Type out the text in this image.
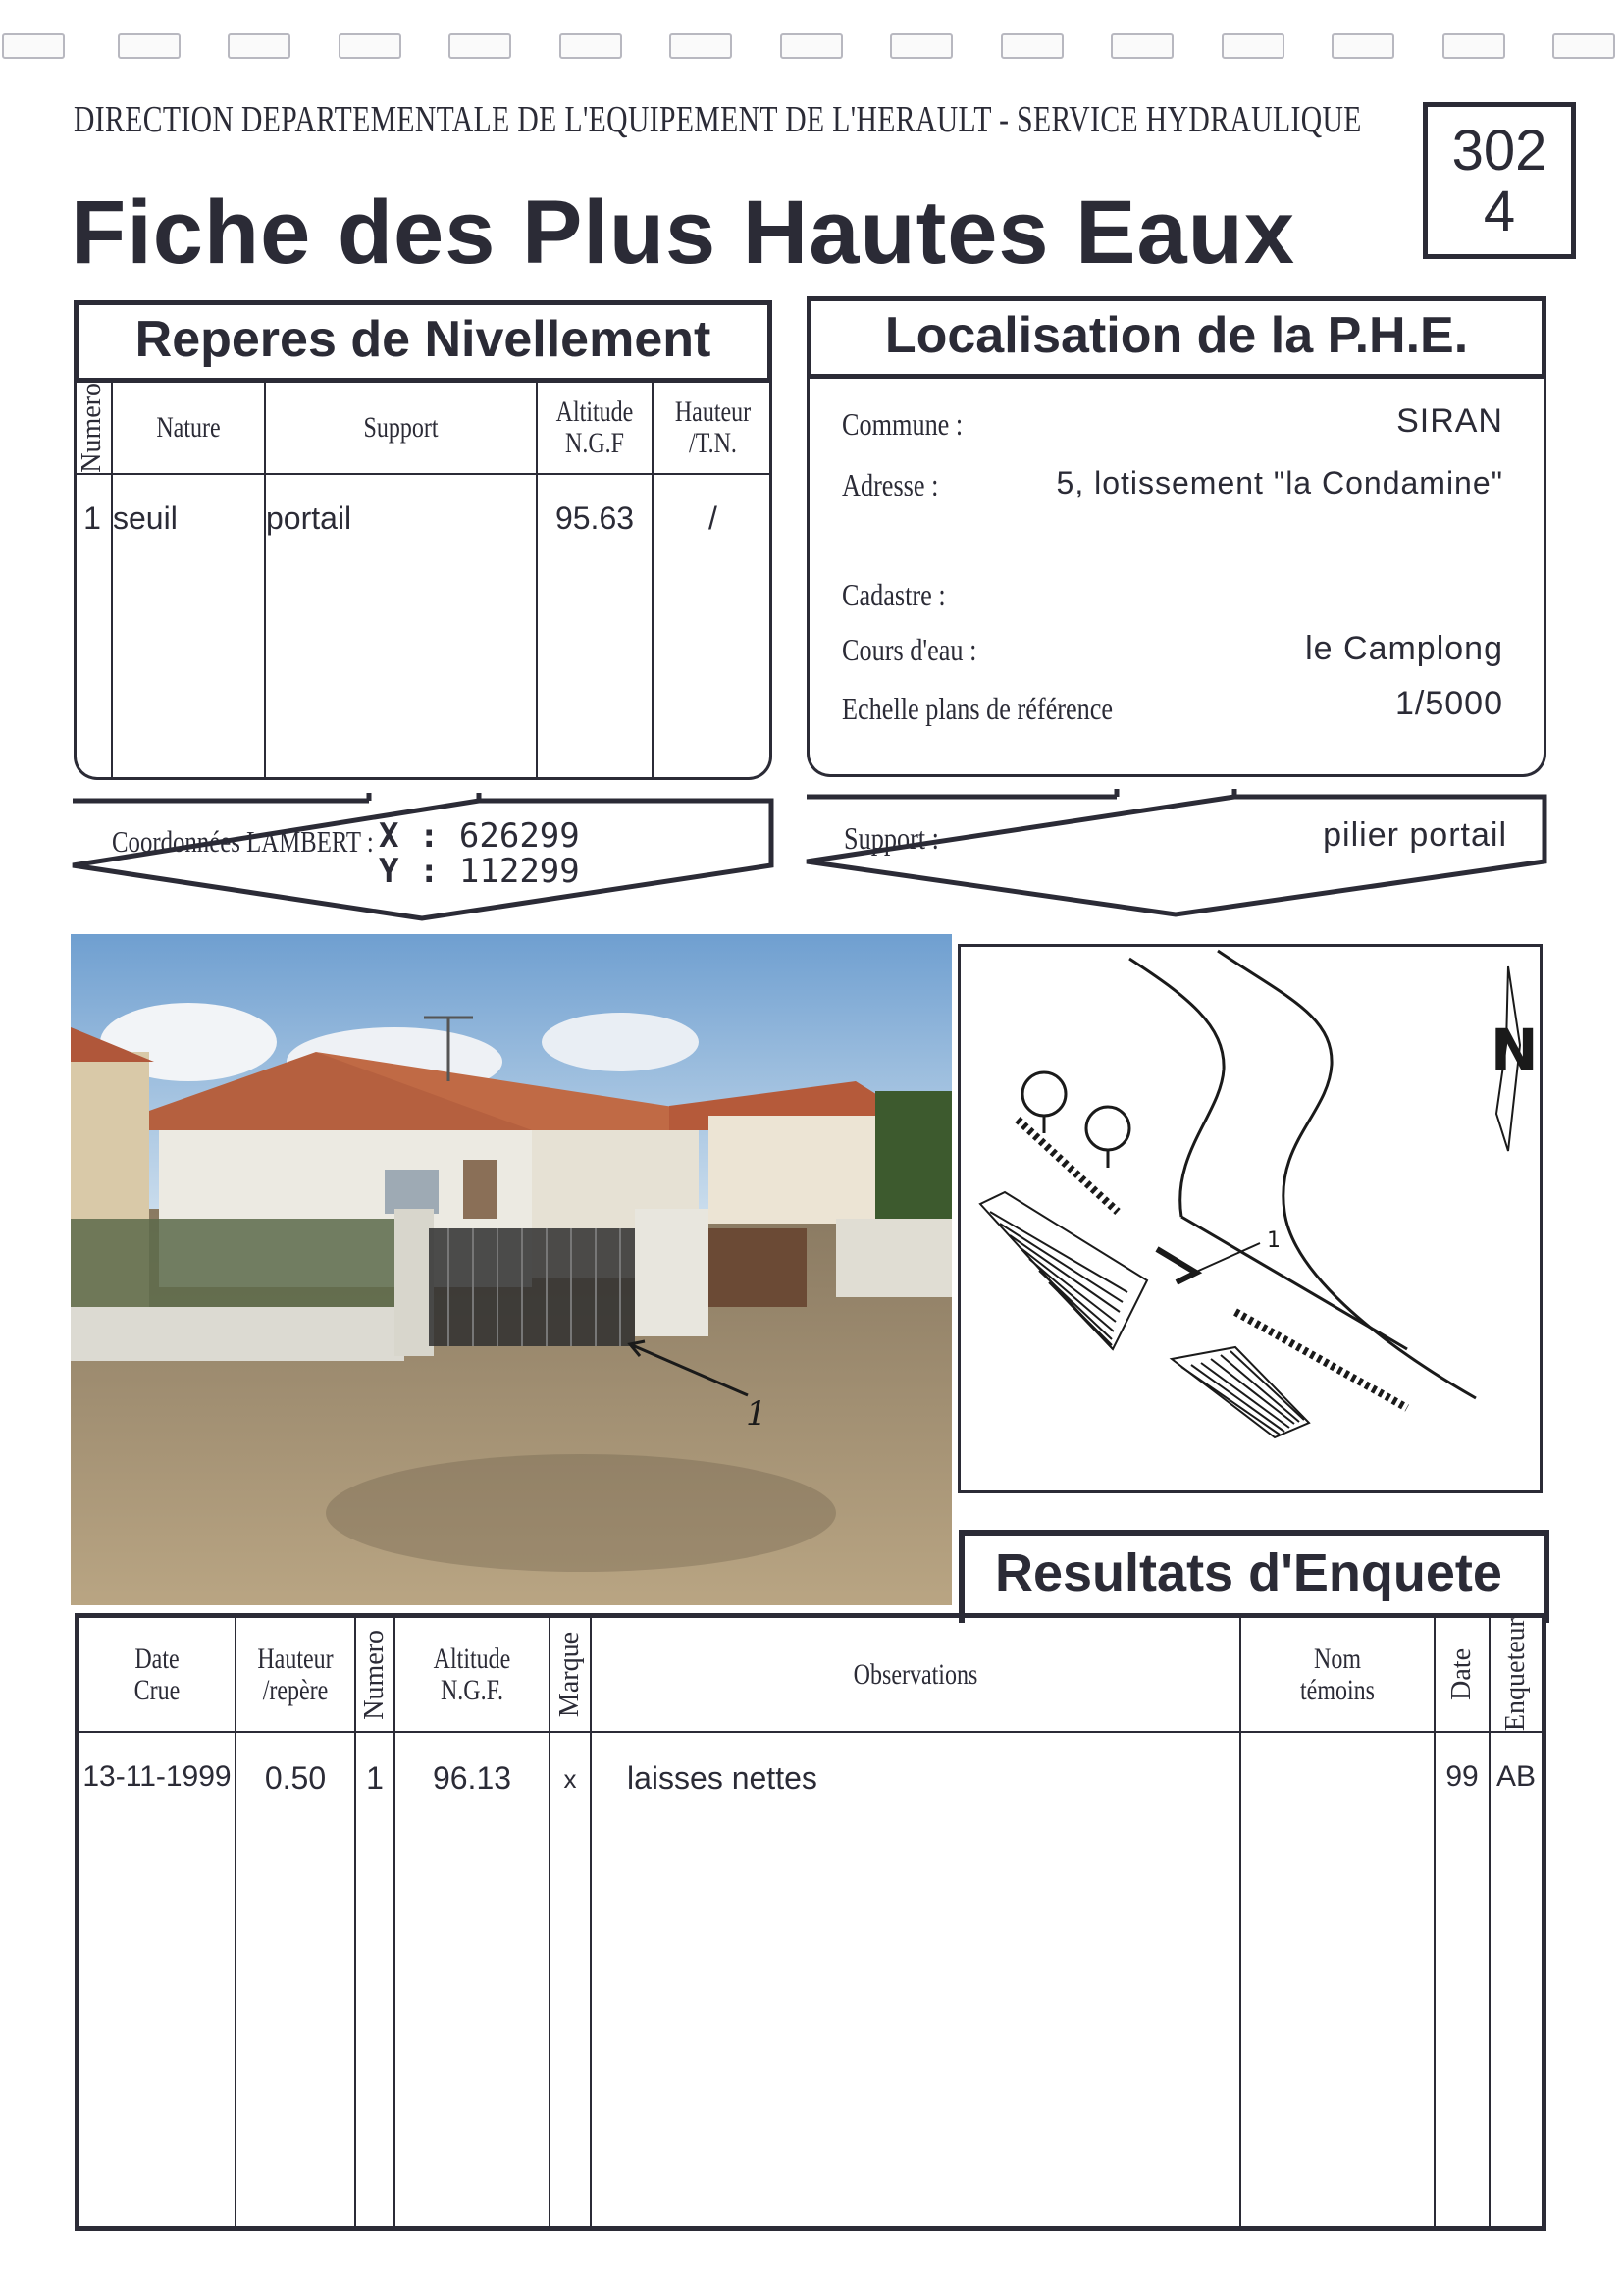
DIRECTION DEPARTEMENTALE DE L'EQUIPEMENT DE L'HERAULT - SERVICE HYDRAULIQUE
Fiche des Plus Hautes Eaux
302
4
Reperes de Nivellement
Numero	Nature	Support	Altitude N.G.F	Hauteur /T.N.

1	seuil	portail	95.63	/
Coordonnées LAMBERT : X : 626299
Y : 112299
Localisation de la P.H.E.
Commune :	SIRAN
Adresse :	5, lotissement "la Condamine"
Cadastre :
Cours d'eau :	le Camplong
Echelle plans de référence	1/5000
Support :	pilier portail
1
1
N
Resultats d'Enquete
Date Crue	Hauteur /repère	Numero	Altitude N.G.F.	Marque	Observations	Nom témoins	Date	Enqueteur

13-11-1999	0.50	1	96.13	x	laisses nettes		99	AB
